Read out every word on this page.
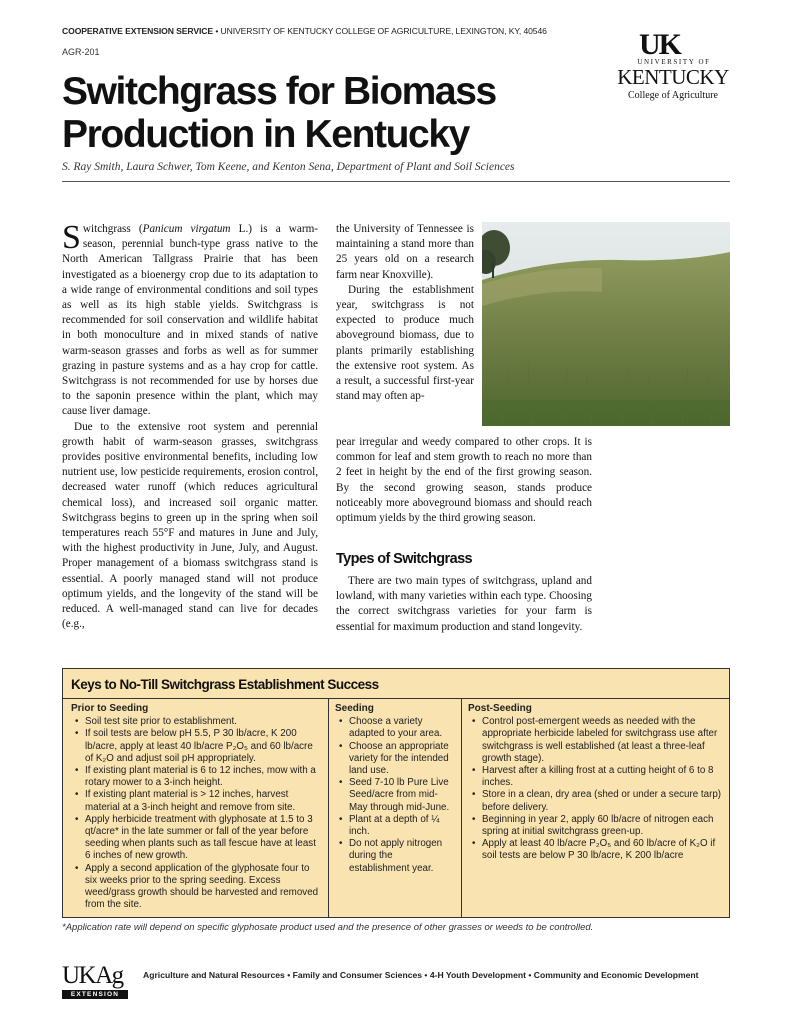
COOPERATIVE EXTENSION SERVICE • UNIVERSITY OF KENTUCKY COLLEGE OF AGRICULTURE, LEXINGTON, KY, 40546
AGR-201
Switchgrass for Biomass Production in Kentucky
S. Ray Smith, Laura Schwer, Tom Keene, and Kenton Sena, Department of Plant and Soil Sciences
UK
UNIVERSITY OF
KENTUCKY
College of Agriculture

Switchgrass (Panicum virgatum L.) is a warm-season, perennial bunch-type grass native to the North American Tallgrass Prairie that has been investigated as a bioenergy crop due to its adaptation to a wide range of environmental conditions and soil types as well as its high stable yields. Switchgrass is recommended for soil conservation and wildlife habitat in both monoculture and in mixed stands of native warm-season grasses and forbs as well as for summer grazing in pasture systems and as a hay crop for cattle. Switchgrass is not recommended for use by horses due to the saponin presence within the plant, which may cause liver damage.

Due to the extensive root system and perennial growth habit of warm-season grasses, switchgrass provides positive environmental benefits, including low nutrient use, low pesticide requirements, erosion control, decreased water runoff (which reduces agricultural chemical loss), and increased soil organic matter. Switchgrass begins to green up in the spring when soil temperatures reach 55°F and matures in June and July, with the highest productivity in June, July, and August. Proper management of a biomass switchgrass stand is essential. A poorly managed stand will not produce optimum yields, and the longevity of the stand will be reduced. A well-managed stand can live for decades (e.g.,

the University of Tennessee is maintaining a stand more than 25 years old on a research farm near Knoxville).

During the establishment year, switchgrass is not expected to produce much aboveground biomass, due to plants primarily establishing the extensive root system. As a result, a successful first-year stand may often ap-

pear irregular and weedy compared to other crops. It is common for leaf and stem growth to reach no more than 2 feet in height by the end of the first growing season. By the second growing season, stands produce noticeably more aboveground biomass and should reach optimum yields by the third growing season.

Types of Switchgrass

There are two main types of switchgrass, upland and lowland, with many varieties within each type. Choosing the correct switchgrass varieties for your farm is essential for maximum production and stand longevity.

Keys to No-Till Switchgrass Establishment Success
Prior to Seeding
• Soil test site prior to establishment.
• If soil tests are below pH 5.5, P 30 lb/acre, K 200 lb/acre, apply at least 40 lb/acre P₂O₅ and 60 lb/acre of K₂O and adjust soil pH appropriately.
• If existing plant material is 6 to 12 inches, mow with a rotary mower to a 3-inch height.
• If existing plant material is > 12 inches, harvest material at a 3-inch height and remove from site.
• Apply herbicide treatment with glyphosate at 1.5 to 3 qt/acre* in the late summer or fall of the year before seeding when plants such as tall fescue have at least 6 inches of new growth.
• Apply a second application of the glyphosate four to six weeks prior to the spring seeding. Excess weed/grass growth should be harvested and removed from the site.
Seeding
• Choose a variety adapted to your area.
• Choose an appropriate variety for the intended land use.
• Seed 7-10 lb Pure Live Seed/acre from mid-May through mid-June.
• Plant at a depth of ¼ inch.
• Do not apply nitrogen during the establishment year.
Post-Seeding
• Control post-emergent weeds as needed with the appropriate herbicide labeled for switchgrass use after switchgrass is well established (at least a three-leaf growth stage).
• Harvest after a killing frost at a cutting height of 6 to 8 inches.
• Store in a clean, dry area (shed or under a secure tarp) before delivery.
• Beginning in year 2, apply 60 lb/acre of nitrogen each spring at initial switchgrass green-up.
• Apply at least 40 lb/acre P₂O₅ and 60 lb/acre of K₂O if soil tests are below P 30 lb/acre, K 200 lb/acre
*Application rate will depend on specific glyphosate product used and the presence of other grasses or weeds to be controlled.
UKAg
EXTENSION
Agriculture and Natural Resources • Family and Consumer Sciences • 4-H Youth Development • Community and Economic Development
